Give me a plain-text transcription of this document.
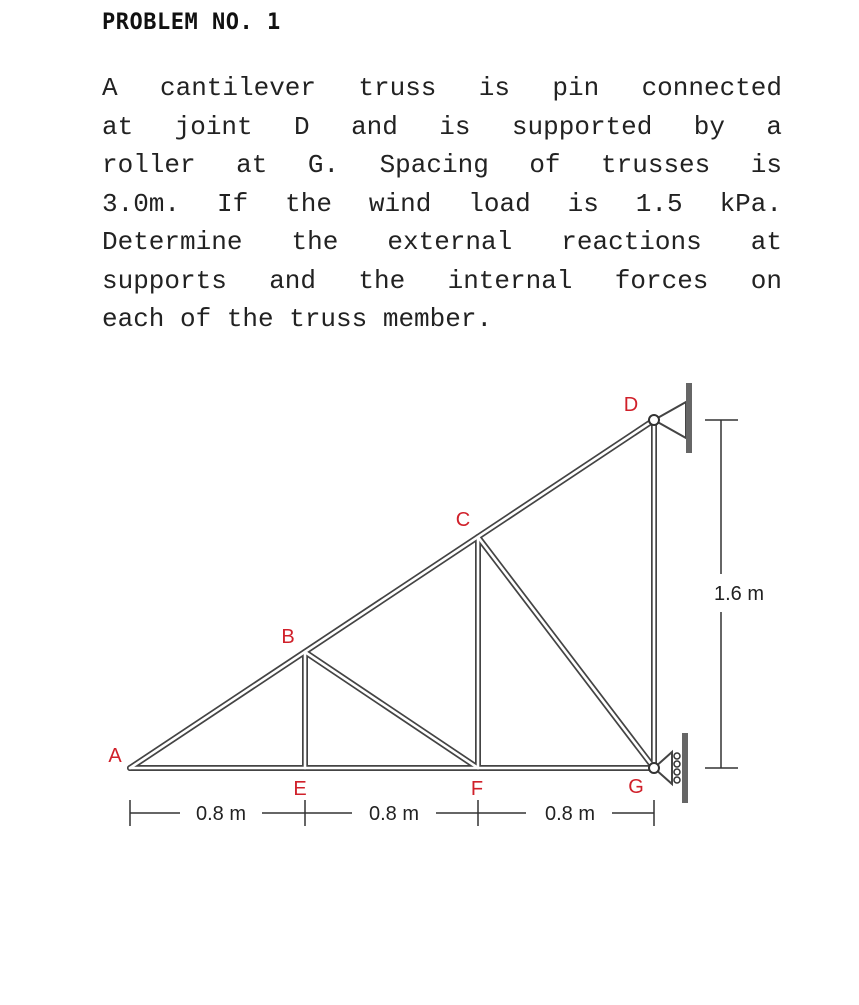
PROBLEM NO. 1
A cantilever truss is pin connected
at joint D and is supported by a
roller at G. Spacing of trusses is
3.0m. If the wind load is 1.5 kPa.
Determine the external reactions at
supports and the internal forces on
each of the truss member.
1.6 m
0.8 m	0.8 m	0.8 m
A
B
C
D
E	F	G
